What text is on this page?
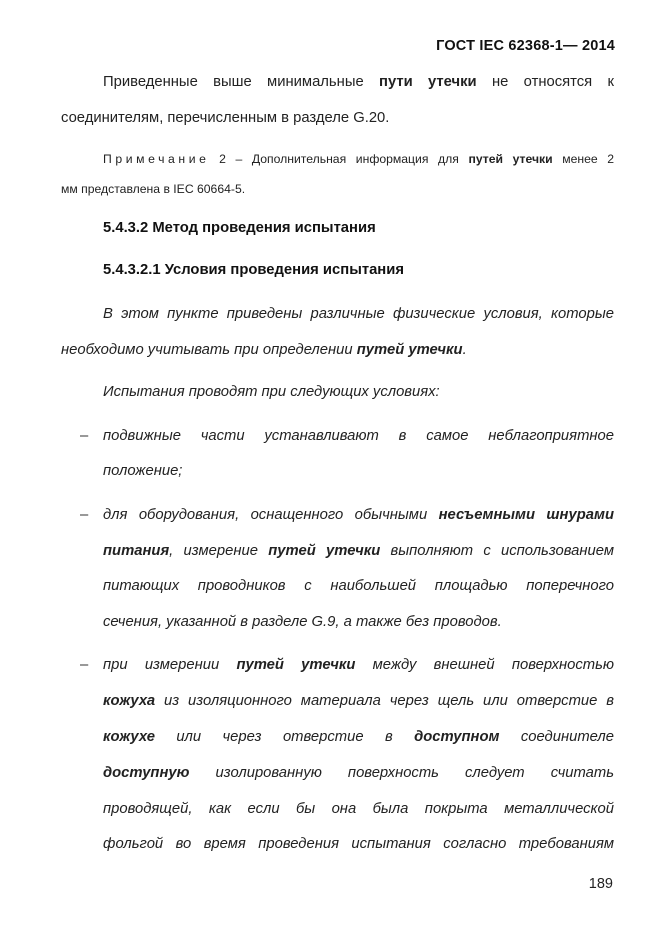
ГОСТ IEC 62368-1— 2014
Приведенные выше минимальные пути утечки не относятся к
соединителям, перечисленным в разделе G.20.
Примечание 2 – Дополнительная информация для путей утечки менее 2
мм представлена в IEC 60664-5.
5.4.3.2 Метод проведения испытания
5.4.3.2.1 Условия проведения испытания
В этом пункте приведены различные физические условия, которые
необходимо учитывать при определении путей утечки.
Испытания проводят при следующих условиях:
– подвижные части устанавливают в самое неблагоприятное
положение;
– для оборудования, оснащенного обычными несъемными шнурами
питания, измерение путей утечки выполняют с использованием
питающих проводников с наибольшей площадью поперечного
сечения, указанной в разделе G.9, а также без проводов.
– при измерении путей утечки между внешней поверхностью
кожуха из изоляционного материала через щель или отверстие в
кожухе или через отверстие в доступном соединителе
доступную изолированную поверхность следует считать
проводящей, как если бы она была покрыта металлической
фольгой во время проведения испытания согласно требованиям
189
